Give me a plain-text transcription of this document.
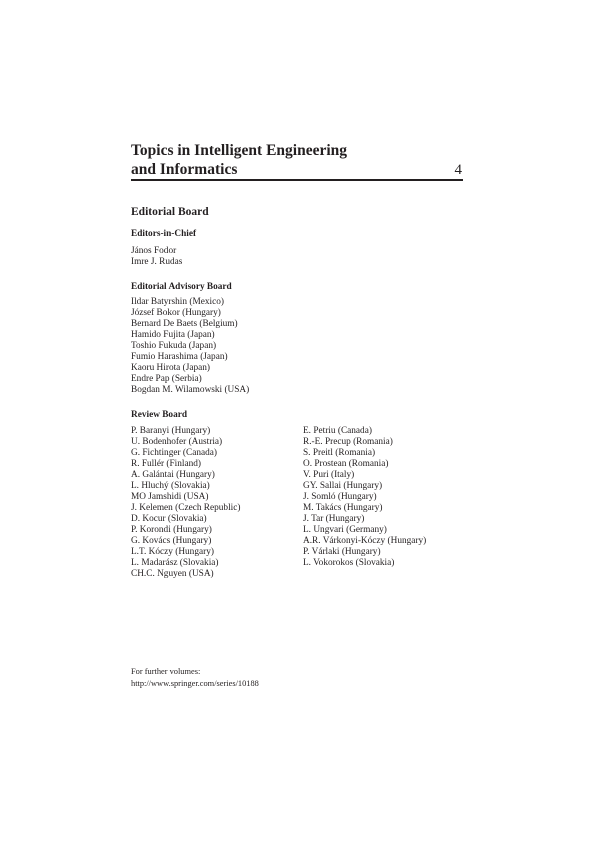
Topics in Intelligent Engineering
and Informatics	4
Editorial Board
Editors-in-Chief
János Fodor
Imre J. Rudas
Editorial Advisory Board
Ildar Batyrshin (Mexico)
József Bokor (Hungary)
Bernard De Baets (Belgium)
Hamido Fujita (Japan)
Toshio Fukuda (Japan)
Fumio Harashima (Japan)
Kaoru Hirota (Japan)
Endre Pap (Serbia)
Bogdan M. Wilamowski (USA)
Review Board
P. Baranyi (Hungary)
U. Bodenhofer (Austria)
G. Fichtinger (Canada)
R. Fullér (Finland)
A. Galántai (Hungary)
L. Hluchý (Slovakia)
MO Jamshidi (USA)
J. Kelemen (Czech Republic)
D. Kocur (Slovakia)
P. Korondi (Hungary)
G. Kovács (Hungary)
L.T. Kóczy (Hungary)
L. Madarász (Slovakia)
CH.C. Nguyen (USA)
E. Petriu (Canada)
R.-E. Precup (Romania)
S. Preitl (Romania)
O. Prostean (Romania)
V. Puri (Italy)
GY. Sallai (Hungary)
J. Somló (Hungary)
M. Takács (Hungary)
J. Tar (Hungary)
L. Ungvari (Germany)
A.R. Várkonyi-Kóczy (Hungary)
P. Várlaki (Hungary)
L. Vokorokos (Slovakia)
For further volumes:
http://www.springer.com/series/10188
